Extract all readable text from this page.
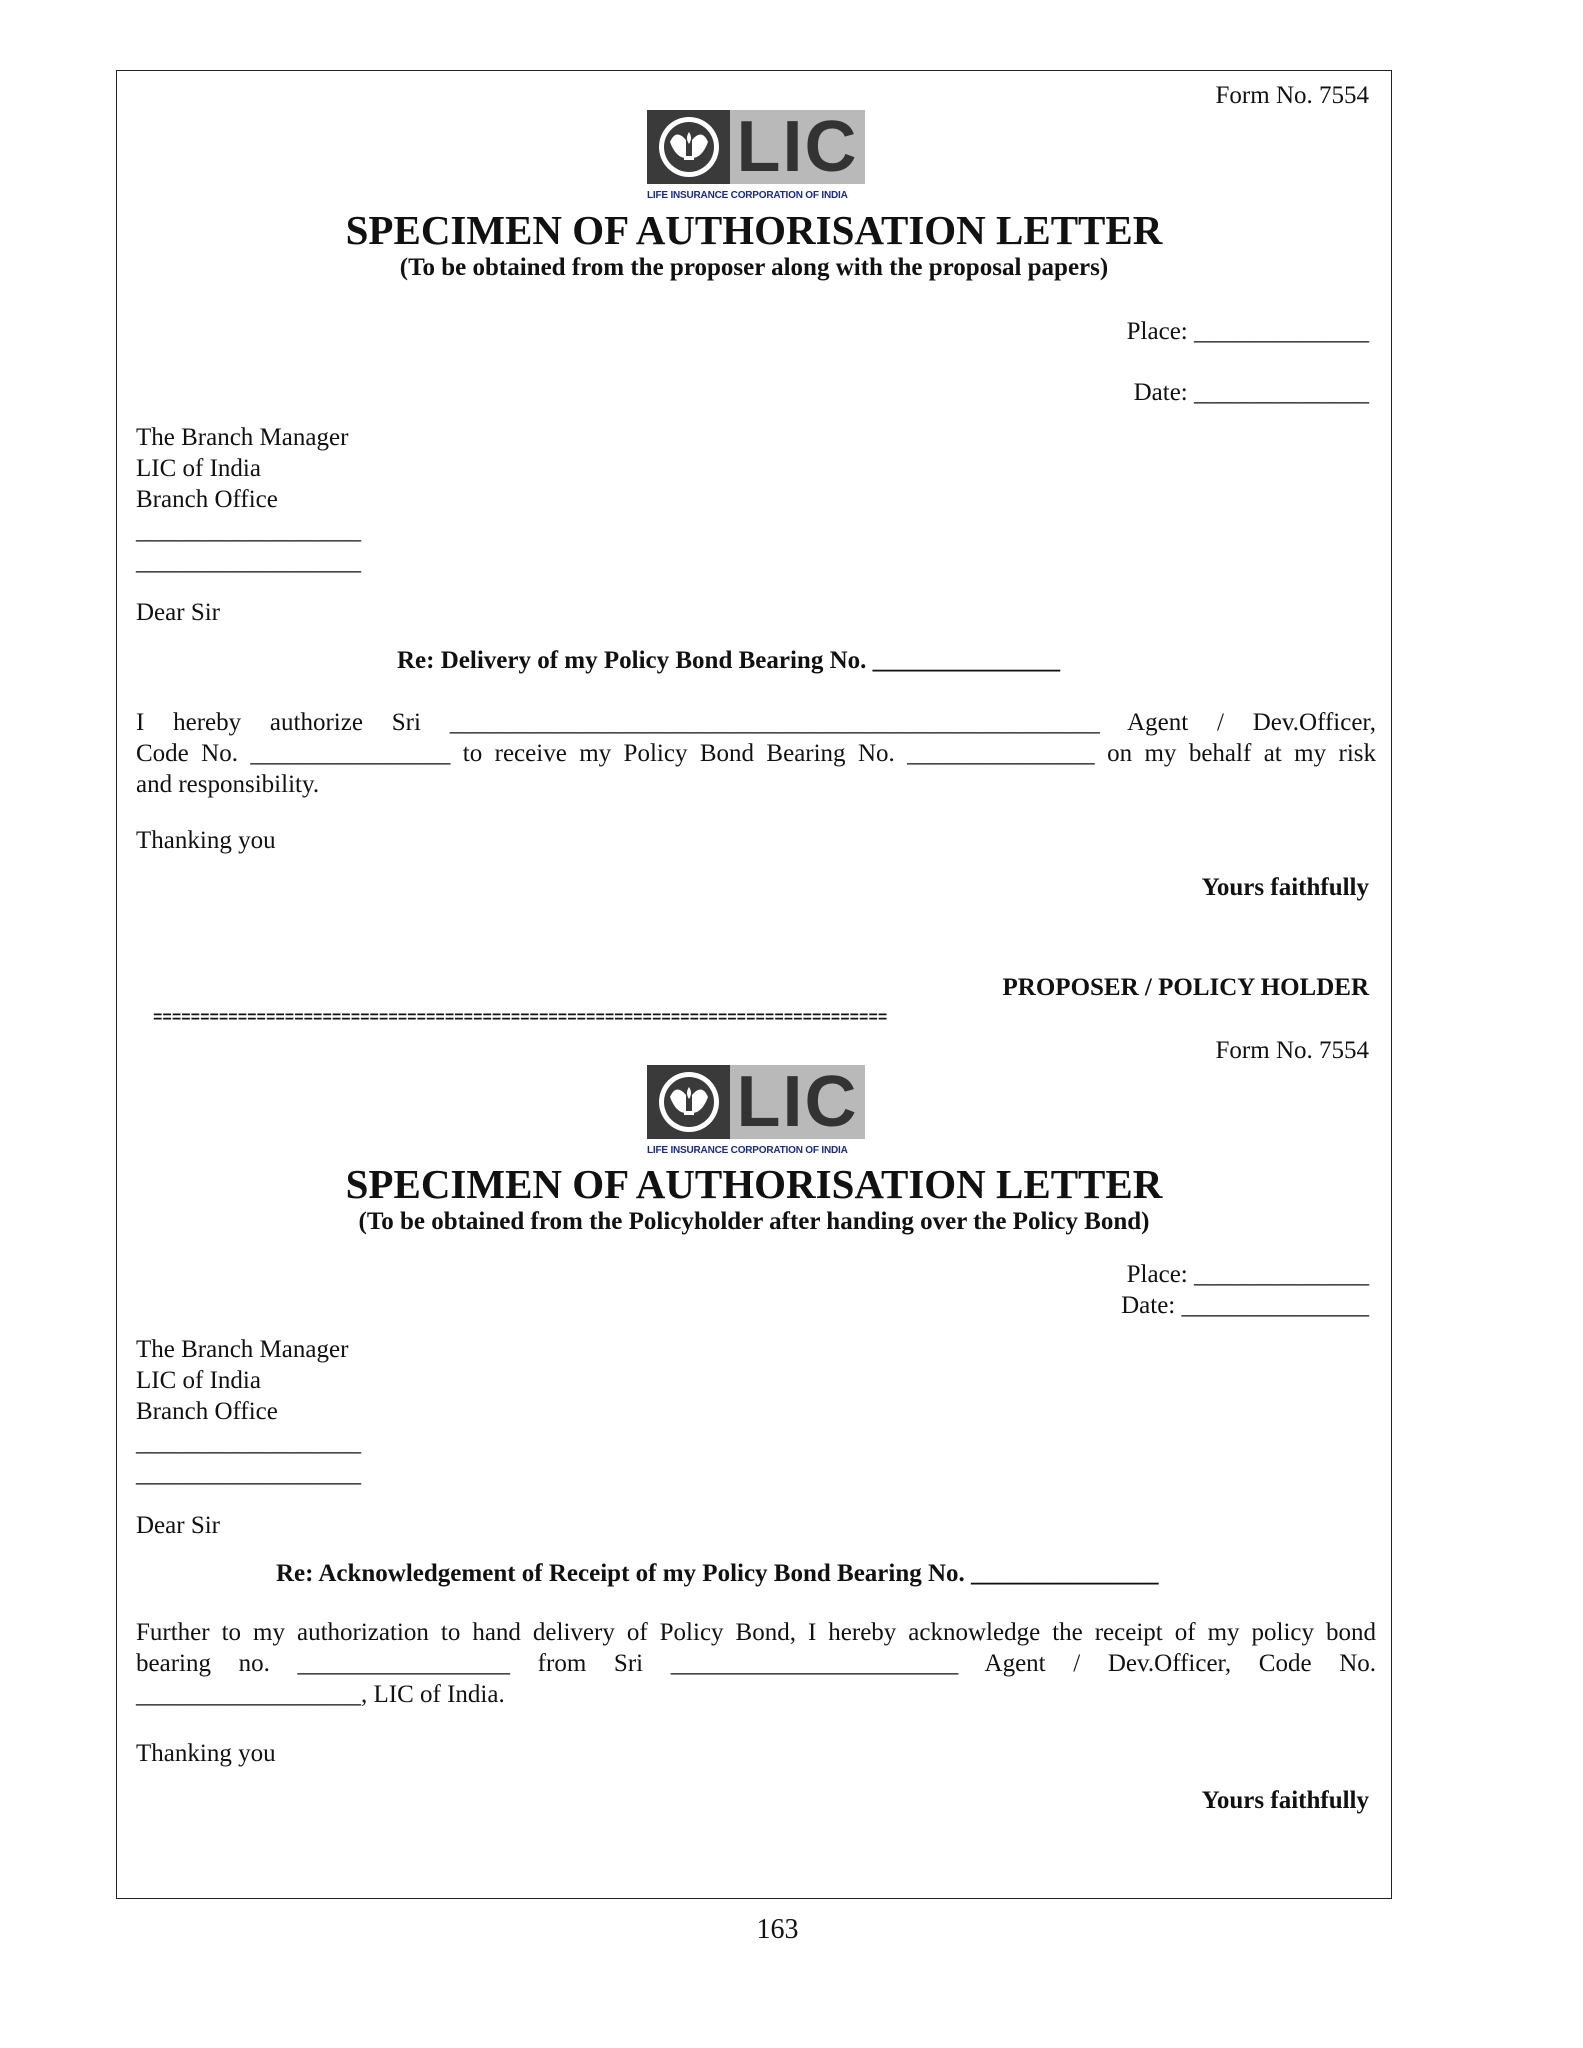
Form No. 7554
LIC
LIFE INSURANCE CORPORATION OF INDIA
SPECIMEN OF AUTHORISATION LETTER
(To be obtained from the proposer along with the proposal papers)
Place: ______________
Date: ______________
The Branch Manager
LIC of India
Branch Office
__________________
__________________
Dear Sir
Re: Delivery of my Policy Bond Bearing No. _______________
I hereby authorize Sri ____________________________________________________ Agent / Dev.Officer,
Code No. ________________ to receive my Policy Bond Bearing No. _______________ on my behalf at my risk
and responsibility.
Thanking you
Yours faithfully
PROPOSER / POLICY HOLDER
==============================================================================
Form No. 7554
LIC
LIFE INSURANCE CORPORATION OF INDIA
SPECIMEN OF AUTHORISATION LETTER
(To be obtained from the Policyholder after handing over the Policy Bond)
Place: ______________
Date: _______________
The Branch Manager
LIC of India
Branch Office
__________________
__________________
Dear Sir
Re: Acknowledgement of Receipt of my Policy Bond Bearing No. _______________
Further to my authorization to hand delivery of Policy Bond, I hereby acknowledge the receipt of my policy bond
bearing no. _________________ from Sri _______________________ Agent / Dev.Officer, Code No.
__________________, LIC of India.
Thanking you
Yours faithfully
163
